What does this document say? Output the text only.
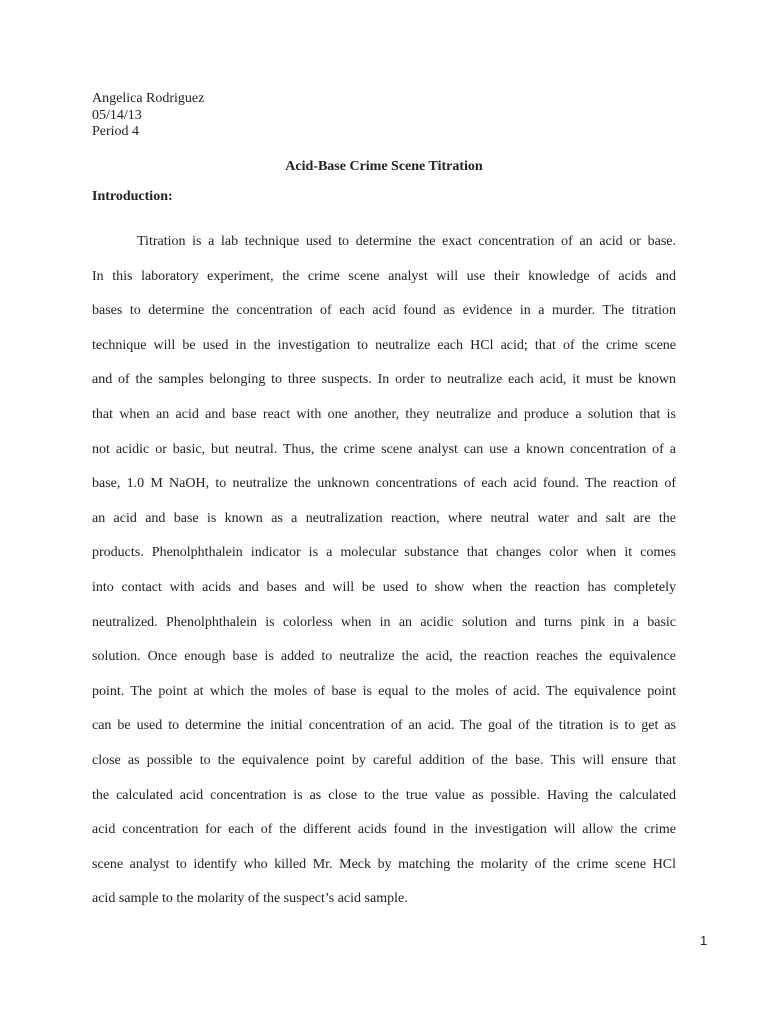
Angelica Rodriguez
05/14/13
Period 4
Acid-Base Crime Scene Titration
Introduction:
Titration is a lab technique used to determine the exact concentration of an acid or base.
In this laboratory experiment, the crime scene analyst will use their knowledge of acids and
bases to determine the concentration of each acid found as evidence in a murder. The titration
technique will be used in the investigation to neutralize each HCl acid; that of the crime scene
and of the samples belonging to three suspects. In order to neutralize each acid, it must be known
that when an acid and base react with one another, they neutralize and produce a solution that is
not acidic or basic, but neutral. Thus, the crime scene analyst can use a known concentration of a
base, 1.0 M NaOH, to neutralize the unknown concentrations of each acid found. The reaction of
an acid and base is known as a neutralization reaction, where neutral water and salt are the
products. Phenolphthalein indicator is a molecular substance that changes color when it comes
into contact with acids and bases and will be used to show when the reaction has completely
neutralized. Phenolphthalein is colorless when in an acidic solution and turns pink in a basic
solution. Once enough base is added to neutralize the acid, the reaction reaches the equivalence
point. The point at which the moles of base is equal to the moles of acid. The equivalence point
can be used to determine the initial concentration of an acid. The goal of the titration is to get as
close as possible to the equivalence point by careful addition of the base. This will ensure that
the calculated acid concentration is as close to the true value as possible. Having the calculated
acid concentration for each of the different acids found in the investigation will allow the crime
scene analyst to identify who killed Mr. Meck by matching the molarity of the crime scene HCl
acid sample to the molarity of the suspect’s acid sample.
1
